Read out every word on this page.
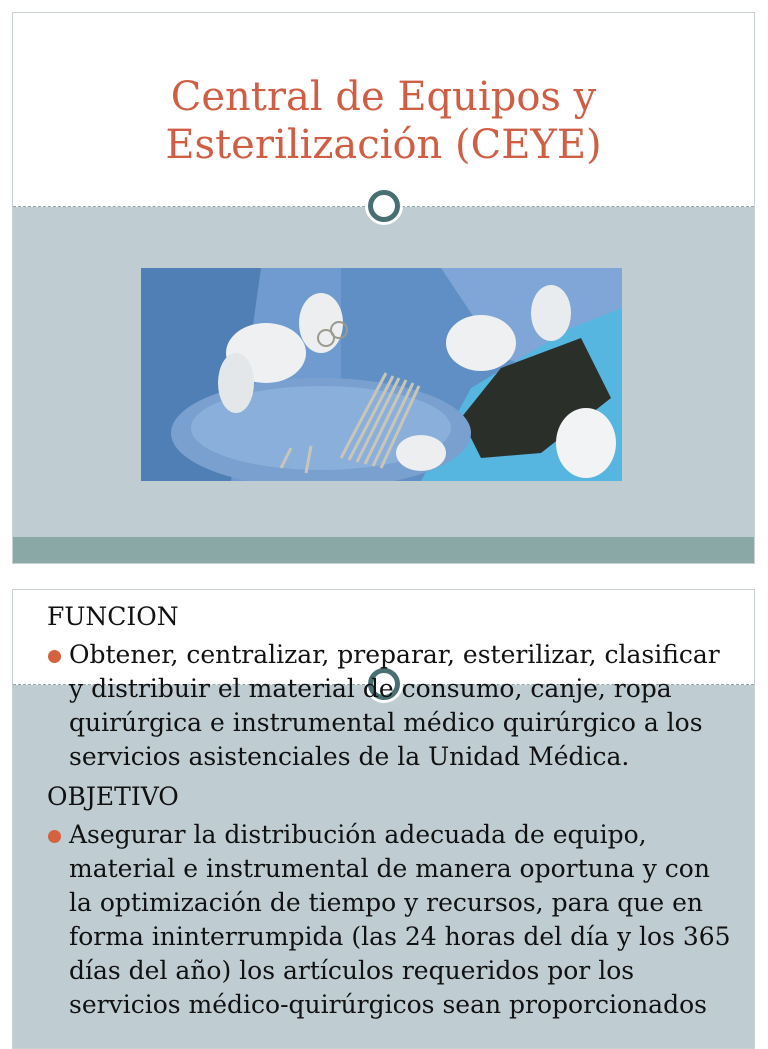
Central de Equipos y
Esterilización (CEYE)

FUNCION

Obtener, centralizar, preparar, esterilizar, clasificar y distribuir el material de consumo, canje, ropa quirúrgica e instrumental médico quirúrgico a los servicios asistenciales de la Unidad Médica.

OBJETIVO

Asegurar la distribución adecuada de equipo, material e instrumental de manera oportuna y con la optimización de tiempo y recursos, para que en forma ininterrumpida (las 24 horas del día y los 365 días del año) los artículos requeridos por los servicios médico-quirúrgicos sean proporcionados
